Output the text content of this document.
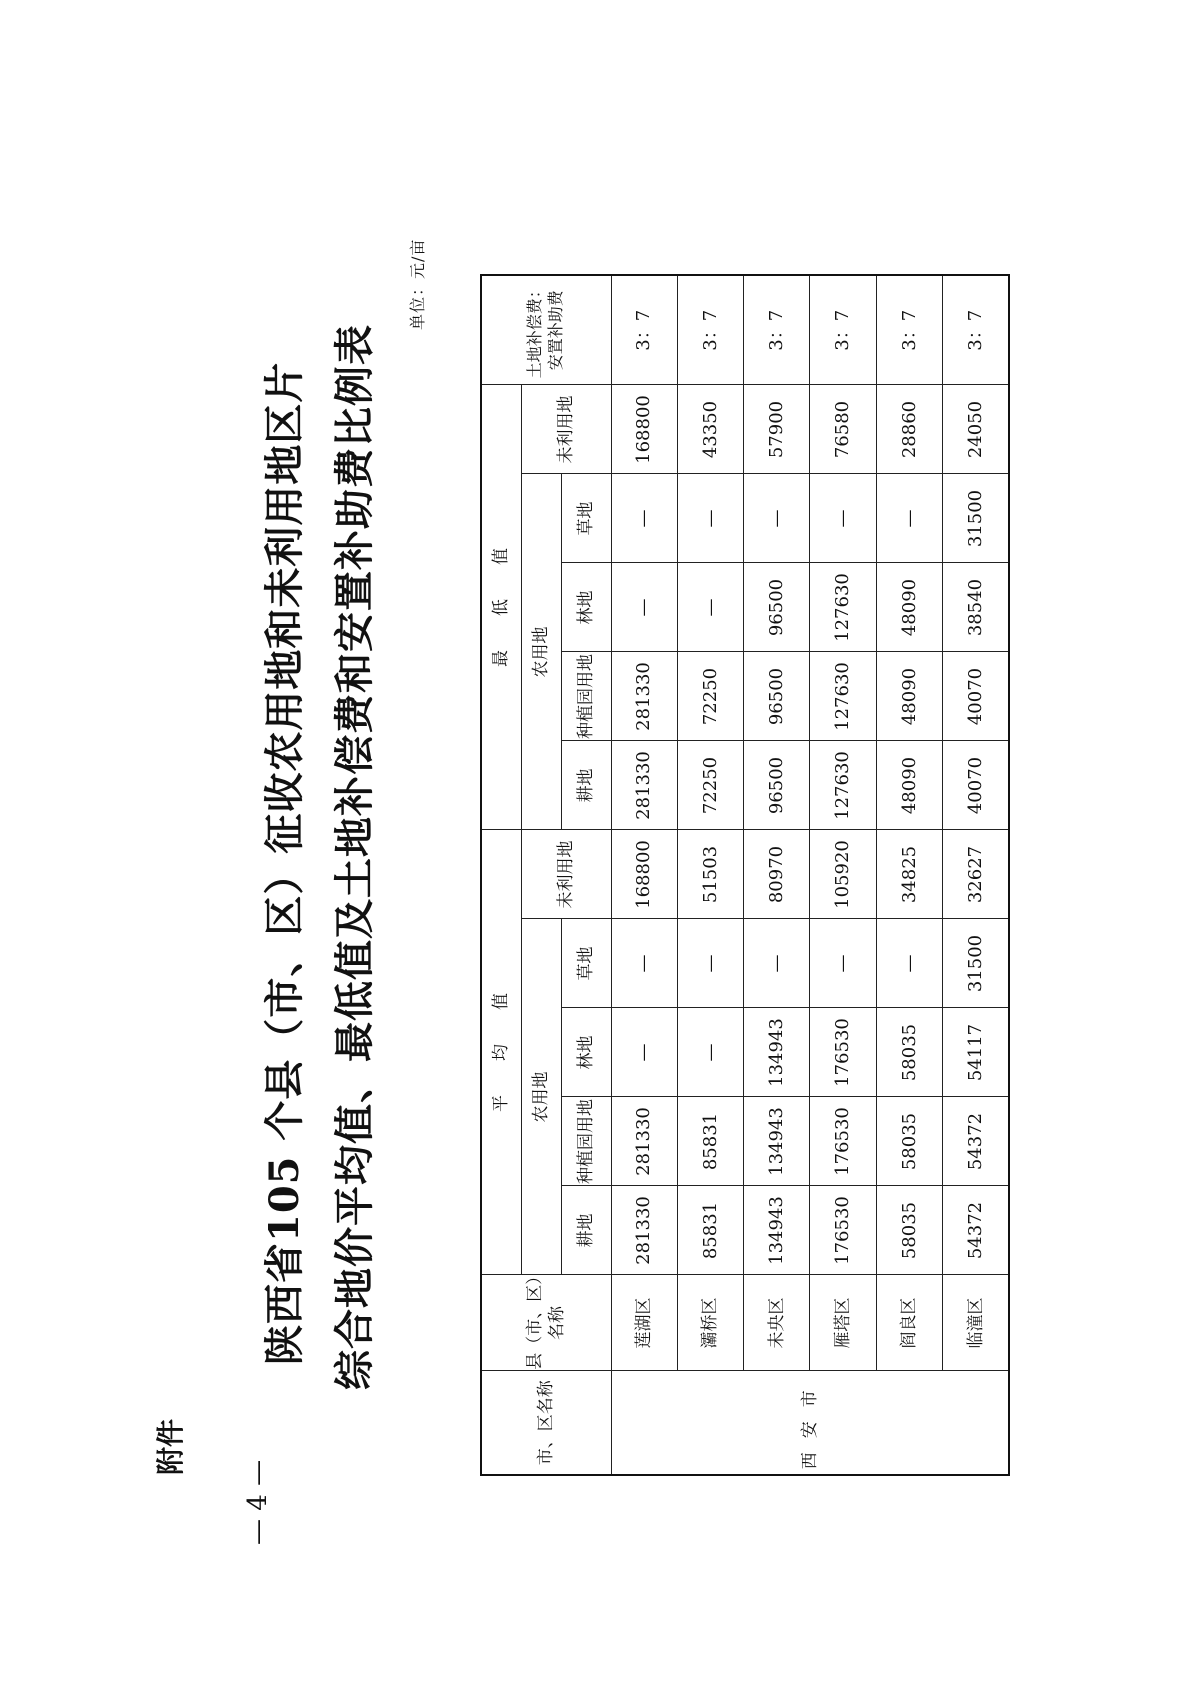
附件
— 4 —
陕西省105 个县（市、区）征收农用地和未利用地区片 综合地价平均值、最低值及土地补偿费和安置补助费比例表
单位：元/亩
市、区名称	县（市、区）名称	平均值					最低值					土地补偿费：安置补助费
		农用地				未利用地	农用地				未利用地	
		耕地	种植园用地	林地	草地		耕地	种植园用地	林地	草地		

西安市	莲湖区	281330	281330	—	—	168800	281330	281330	—	—	168800	3：7
	灞桥区	85831	85831	—	—	51503	72250	72250	—	—	43350	3：7
	未央区	134943	134943	134943	—	80970	96500	96500	96500	—	57900	3：7
	雁塔区	176530	176530	176530	—	105920	127630	127630	127630	—	76580	3：7
	阎良区	58035	58035	58035	—	34825	48090	48090	48090	—	28860	3：7
	临潼区	54372	54372	54117	31500	32627	40070	40070	38540	31500	24050	3：7
